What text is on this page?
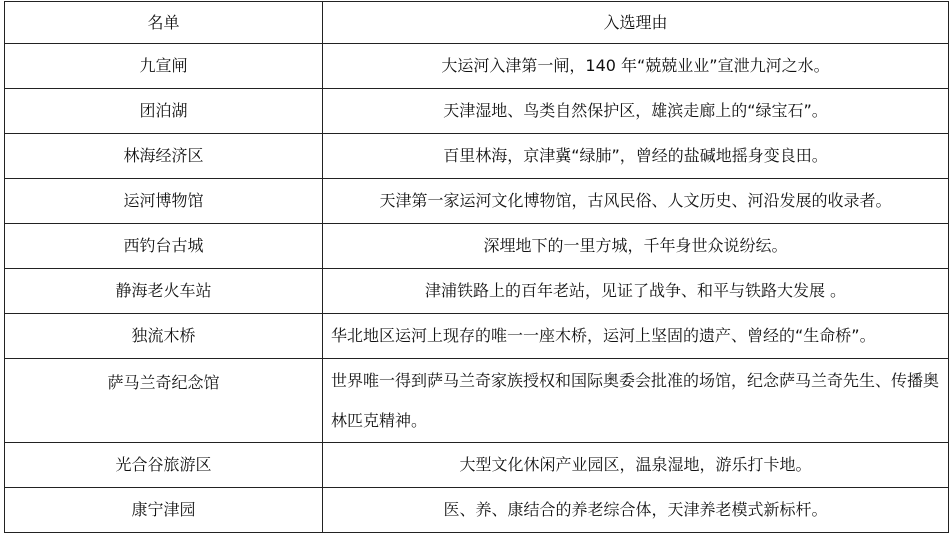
名单	入选理由
九宣闸	大运河入津第一闸，140 年“兢兢业业”宣泄九河之水。
团泊湖	天津湿地、鸟类自然保护区，雄滨走廊上的“绿宝石”。
林海经济区	百里林海，京津冀“绿肺”，曾经的盐碱地摇身变良田。
运河博物馆	天津第一家运河文化博物馆，古风民俗、人文历史、河沿发展的收录者。
西钓台古城	深埋地下的一里方城，千年身世众说纷纭。
静海老火车站	津浦铁路上的百年老站，见证了战争、和平与铁路大发展 。
独流木桥	华北地区运河上现存的唯一一座木桥，运河上坚固的遗产、曾经的“生命桥”。
萨马兰奇纪念馆	世界唯一得到萨马兰奇家族授权和国际奥委会批准的场馆，纪念萨马兰奇先生、传播奥林匹克精神。
光合谷旅游区	大型文化休闲产业园区，温泉湿地，游乐打卡地。
康宁津园	医、养、康结合的养老综合体，天津养老模式新标杆。
